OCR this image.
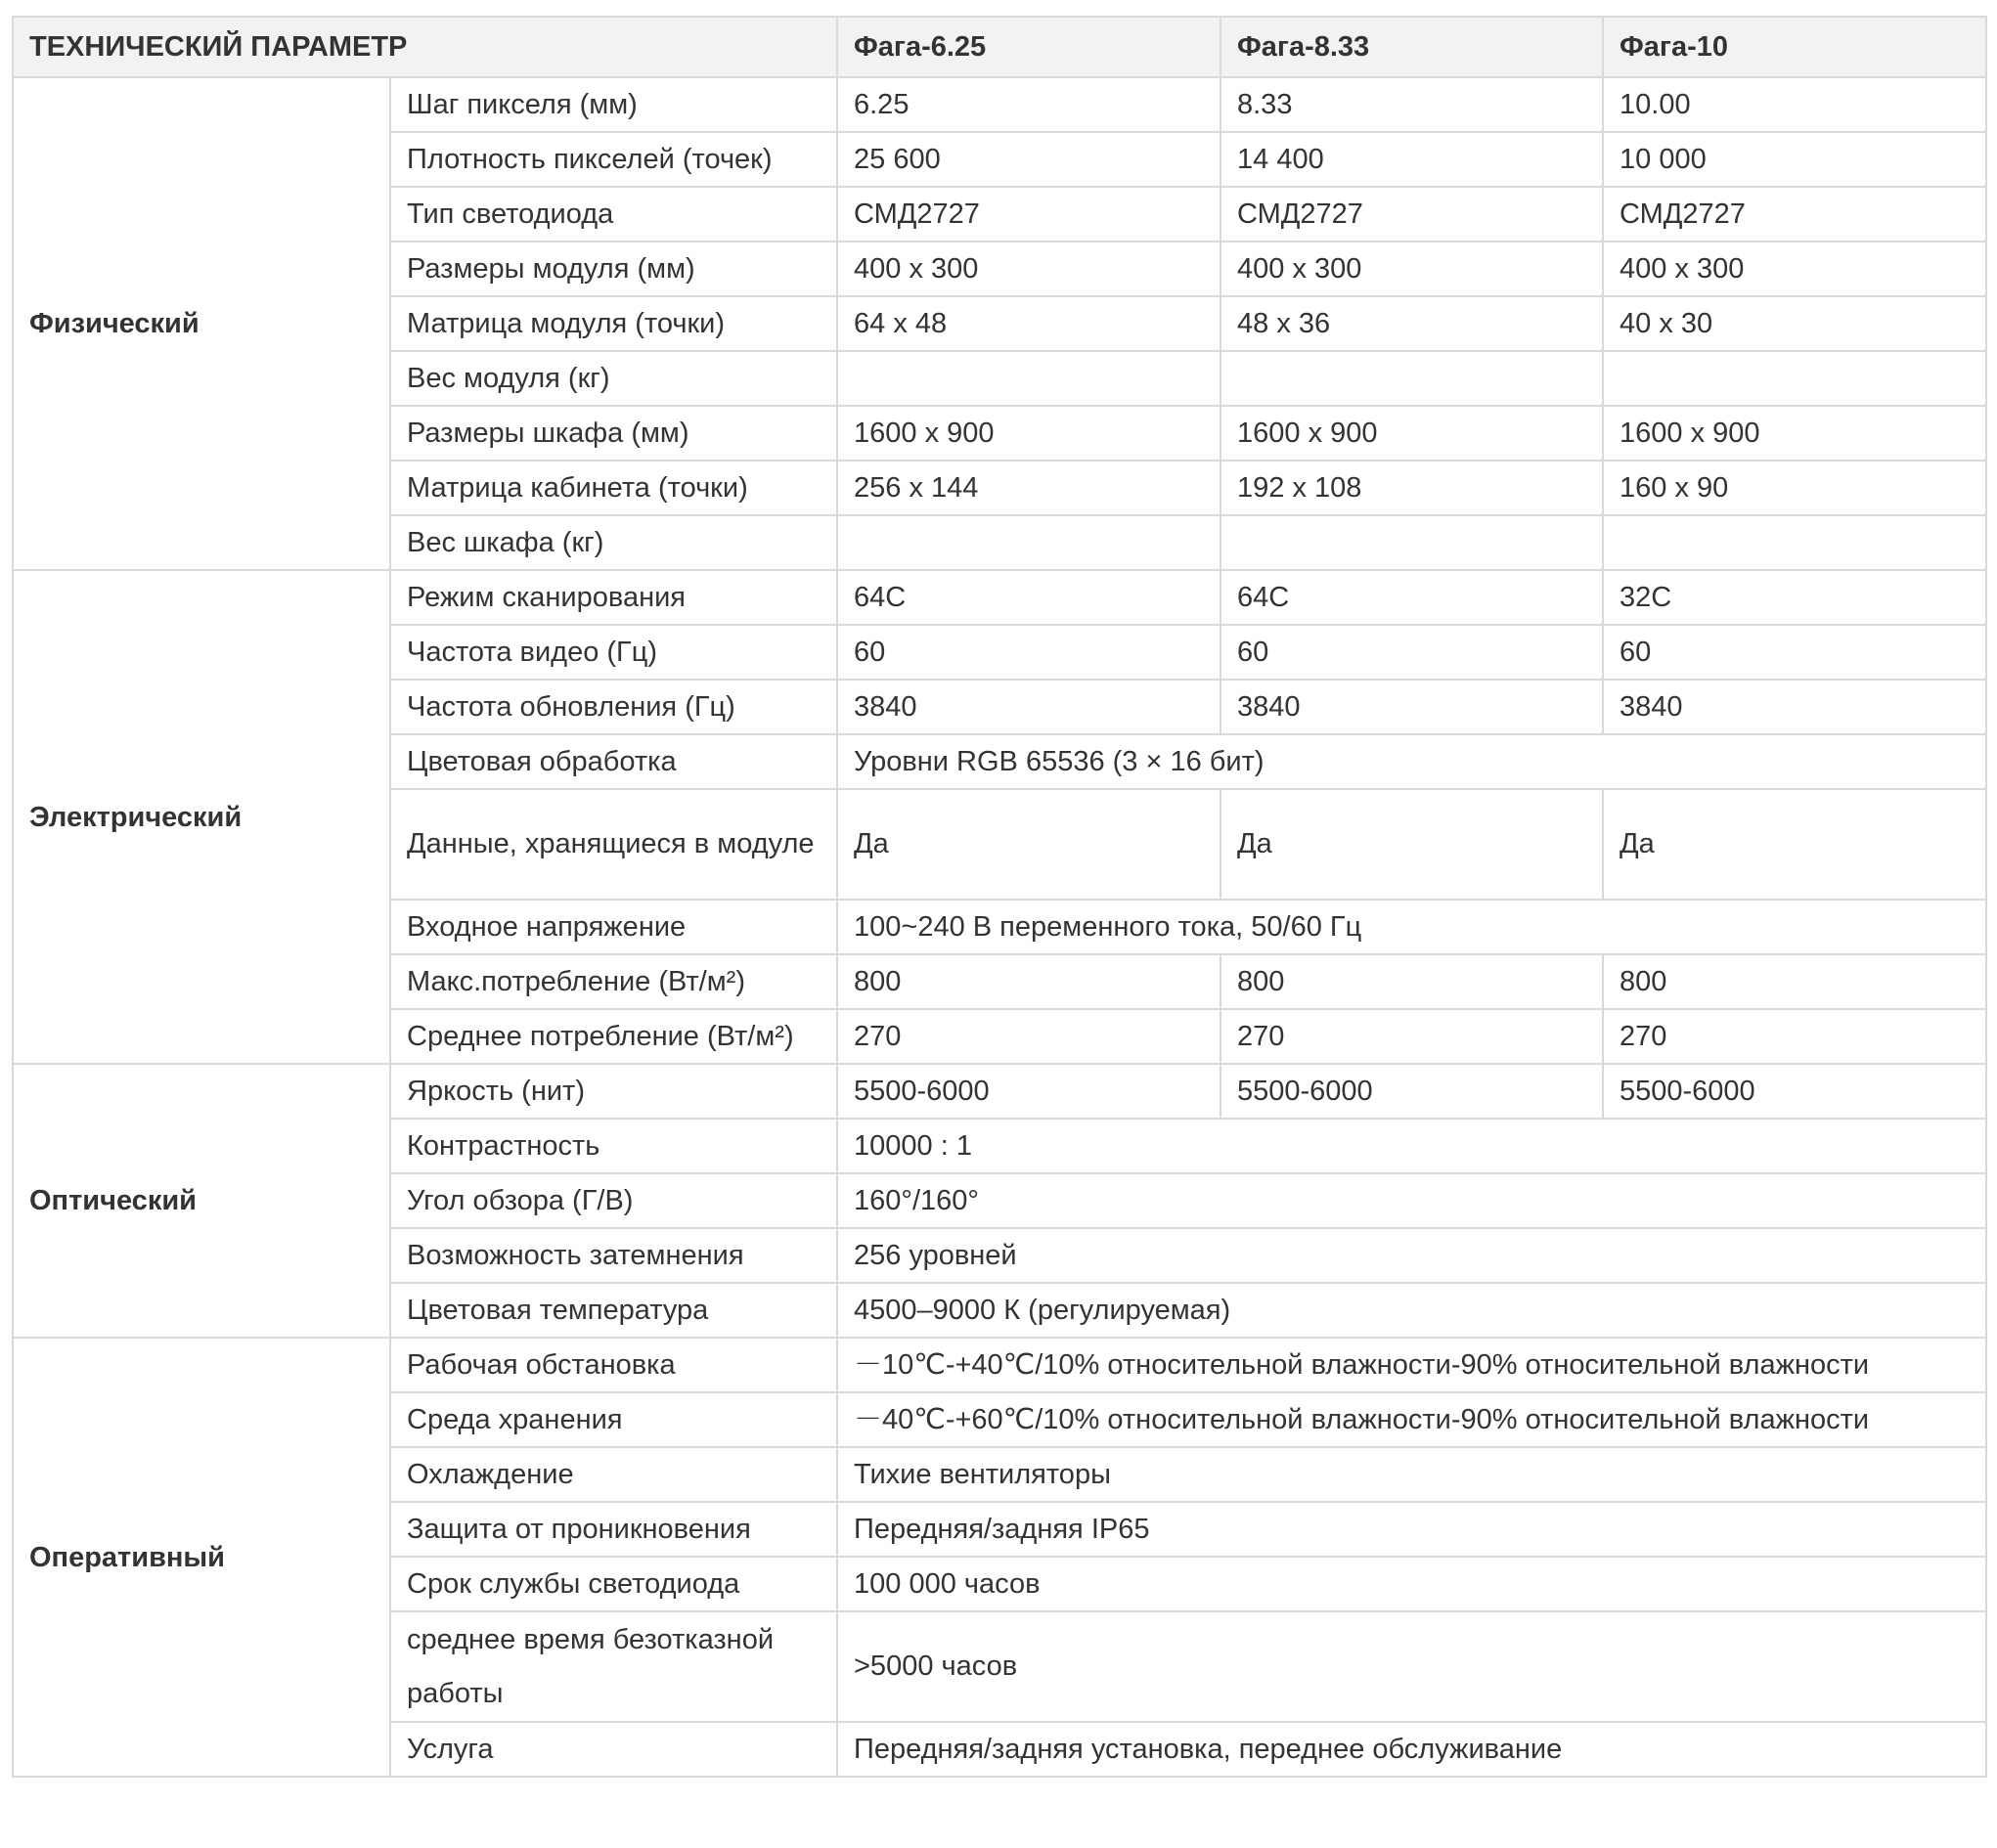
ТЕХНИЧЕСКИЙ ПАРАМЕТР		Фага-6.25	Фага-8.33	Фага-10
Физический	Шаг пикселя (мм)	6.25	8.33	10.00
	Плотность пикселей (точек)	25 600	14 400	10 000
	Тип светодиода	СМД2727	СМД2727	СМД2727
	Размеры модуля (мм)	400 х 300	400 х 300	400 х 300
	Матрица модуля (точки)	64 х 48	48 х 36	40 х 30
	Вес модуля (кг)			
	Размеры шкафа (мм)	1600 х 900	1600 х 900	1600 х 900
	Матрица кабинета (точки)	256 х 144	192 х 108	160 х 90
	Вес шкафа (кг)			
Электрический	Режим сканирования	64С	64С	32С
	Частота видео (Гц)	60	60	60
	Частота обновления (Гц)	3840	3840	3840
	Цветовая обработка	Уровни RGB 65536 (3 × 16 бит)		
	Данные, хранящиеся в модуле	Да	Да	Да
	Входное напряжение	100~240 В переменного тока, 50/60 Гц		
	Макс.потребление (Вт/м²)	800	800	800
	Среднее потребление (Вт/м²)	270	270	270
Оптический	Яркость (нит)	5500-6000	5500-6000	5500-6000
	Контрастность	10000 : 1		
	Угол обзора (Г/В)	160°/160°		
	Возможность затемнения	256 уровней		
	Цветовая температура	4500–9000 К (регулируемая)		
Оперативный	Рабочая обстановка	－10℃-+40℃/10% относительной влажности-90% относительной влажности		
	Среда хранения	－40℃-+60℃/10% относительной влажности-90% относительной влажности		
	Охлаждение	Тихие вентиляторы		
	Защита от проникновения	Передняя/задняя IP65		
	Срок службы светодиода	100 000 часов		
	среднее время безотказной работы	>5000 часов		
	Услуга	Передняя/задняя установка, переднее обслуживание		
